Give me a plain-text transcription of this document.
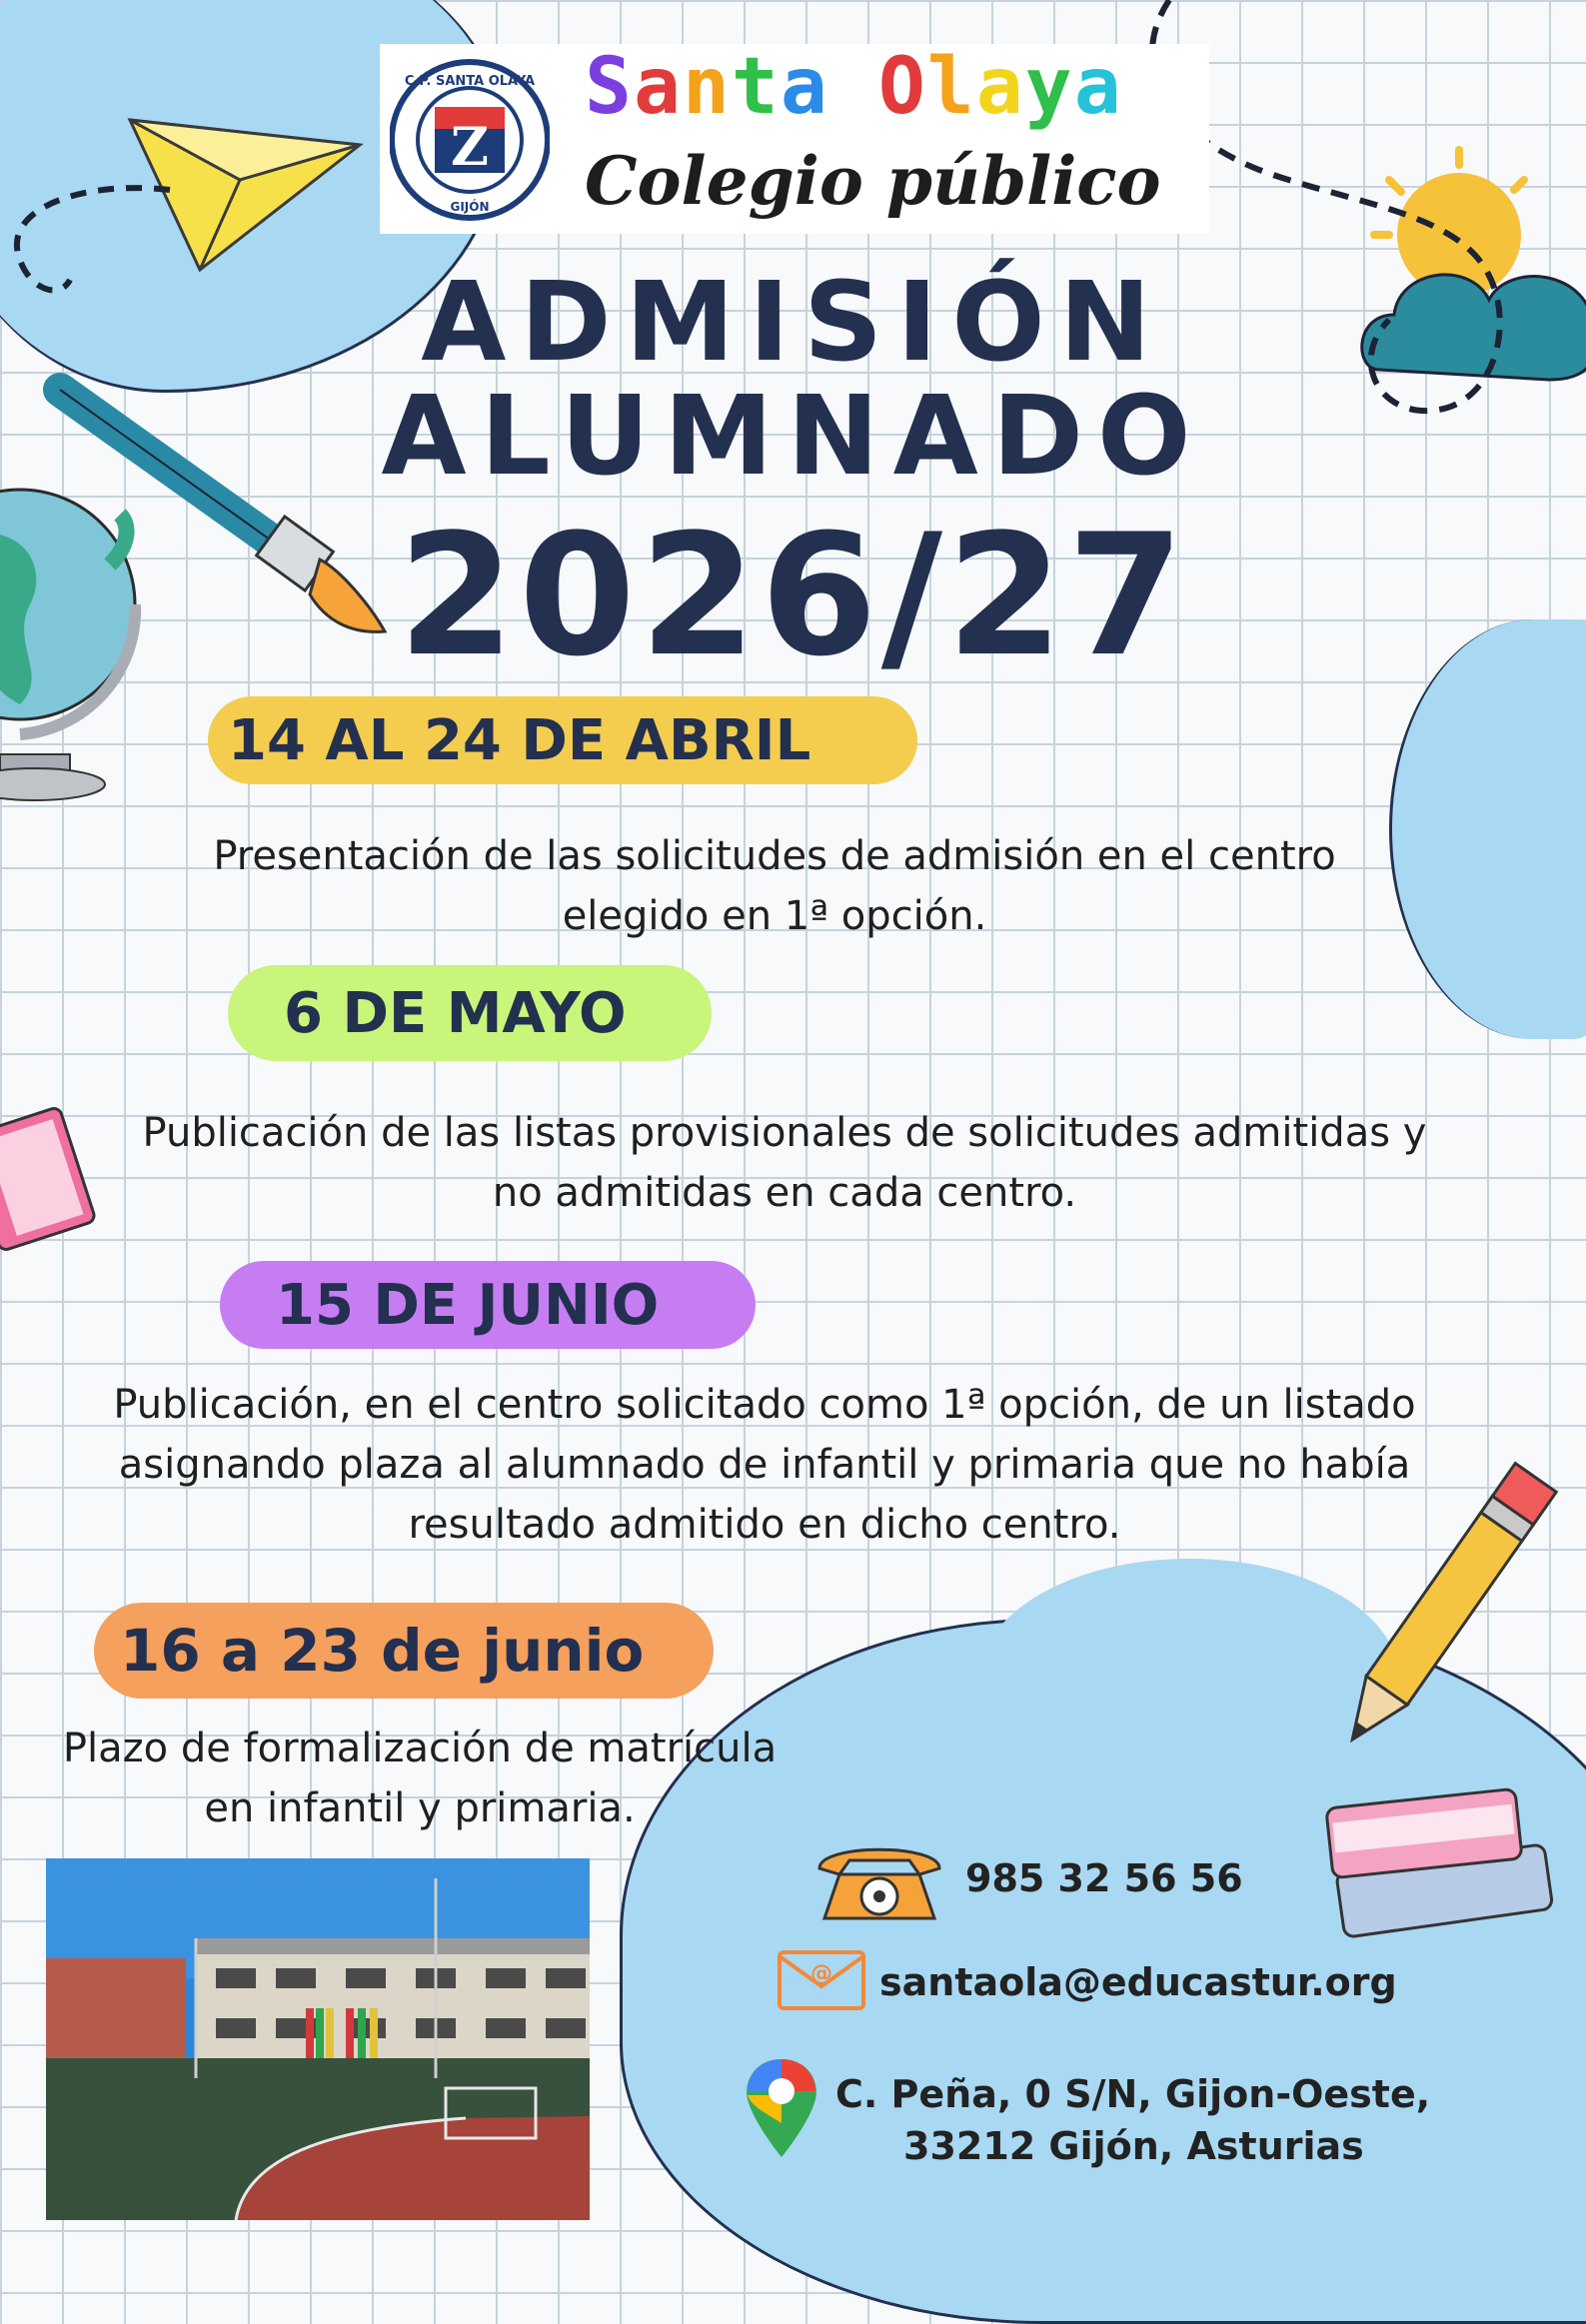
Z
C.P. SANTA OLAYA
GIJÓN
Santa Olaya
Colegio público
ADMISIÓN
ALUMNADO
2026/27
14 AL 24 DE ABRIL
Presentación de las solicitudes de admisión en el centro
elegido en 1ª opción.
6 DE MAYO
Publicación de las listas provisionales de solicitudes admitidas y
no admitidas en cada centro.
15 DE JUNIO
Publicación, en el centro solicitado como 1ª opción, de un listado
asignando plaza al alumnado de infantil y primaria que no había
resultado admitido en dicho centro.
16 a 23 de junio
Plazo de formalización de matrícula
en infantil y primaria.
985 32 56 56
@ santaola@educastur.org
C. Peña, 0 S/N, Gijon-Oeste,
33212 Gijón, Asturias
